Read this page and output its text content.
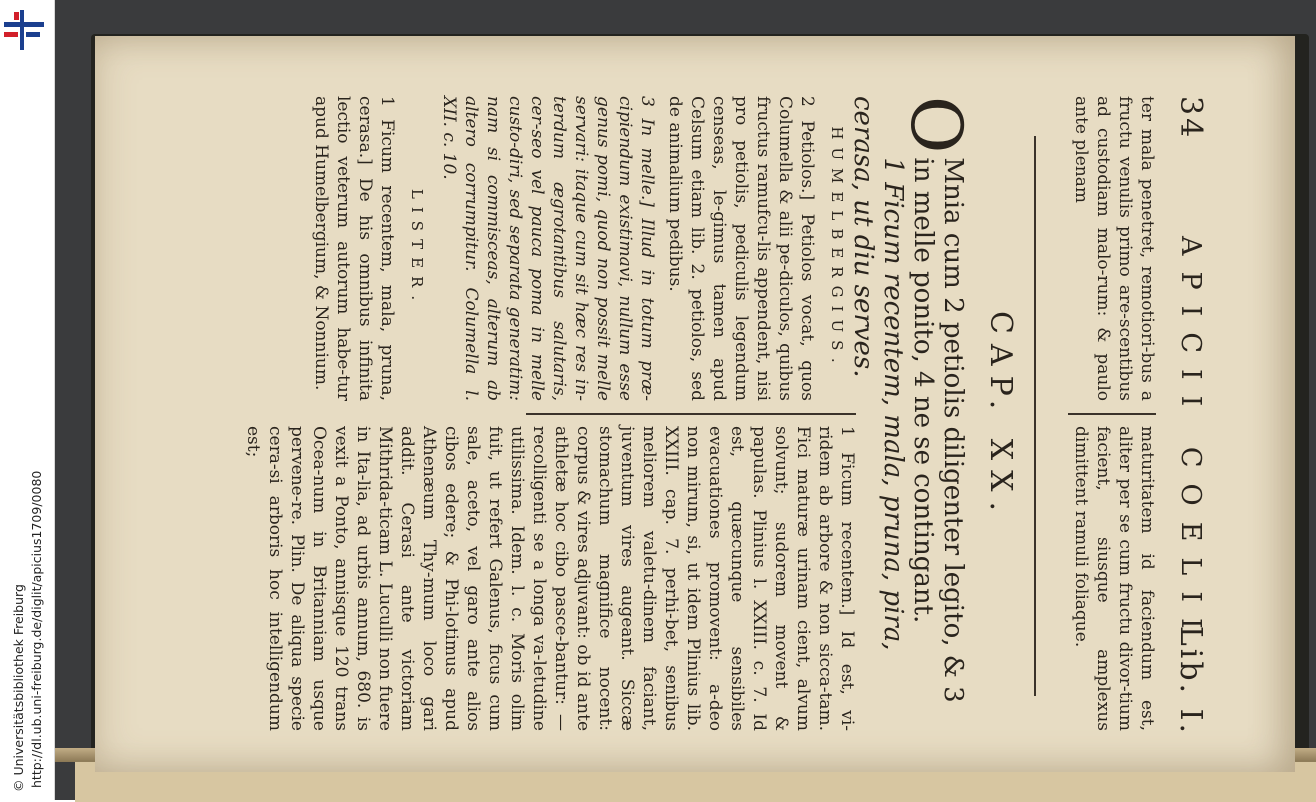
http://dl.ub.uni-freiburg.de/diglit/apicius1709/0080
© Universitätsbibliothek Freiburg
34
APICII COELII
Lib. I.
ter mala penetret, remotiori-bus a fructu venulis primo are-scentibus ad custodiam malo-rum: & paulo ante plenam
maturitatem id faciendum est, aliter per se cum fructu divor-tium facient, siusque amplexus dimittent ramuli foliaque.
CAP. XX.
O
Mnia cum 2 petiolis diligenter legito, & 3 in melle ponito, 4 ne se contingant.
1 Ficum recentem, mala, pruna, pira, cerasa, ut diu serves.
HUMELBERGIUS.

2 Petiolos.] Petiolos vocat, quos Columella & alii pe-diculos, quibus fructus ramufcu-lis appendent, nisi pro petiolis, pediculis legendum censeas, le-gimus tamen apud Celsum etiam lib. 2. petiolos, sed de animalium pedibus.

3 In melle.] Illud in totum præ-cipiendum existimavi, nullum esse genus pomi, quod non possit melle servari: itaque cum sit hæc res in-terdum ægrotantibus salutaris, cer-seo vel pauca poma in melle custo-diri, sed separata generatim: nam si commisceas, alterum ab altero corrumpitur. Columella l. XII. c. 10.

LISTER.

1 Ficum recentem, mala, pruna, cerasa.] De his omnibus infinita lectio veterum autorum habe-tur apud Humelbergium, & Nonnium.

1 Ficum recentem.] Id est, vi-ridem ab arbore & non sicca-tam. Fici maturæ urinam cient, alvum solvunt; sudorem movent & papulas. Plinius l. XXIII. c. 7. Id est, quæcunque sensibiles evacuationes promovent: a-deo non mirum, si, ut idem Plinius lib. XXIII. cap. 7. perhi-bet, senibus meliorem valetu-dinem faciant, juventum vires augeant. Siccæ stomachum magnifice nocent: corpus & vires adjuvant: ob id ante athletæ hoc cibo pasce-bantur: — recolligenti se a longa va-letudine utilissima. Idem. l. c. Moris olim fuit, ut refert Galenus, ficus cum sale, aceto, vel garo ante alios cibos edere; & Phi-lotimus apud Athenæum Thy-mum loco gari addit. Cerasi ante victoriam Mithrida-ticam L. Luculli non fuere in Ita-lia, ad urbis annum, 680. is vexit a Ponto, annisque 120 trans Ocea-num in Britanniam usque pervene-re. Plin. De aliqua specie cera-si arboris hoc intelligendum est;
